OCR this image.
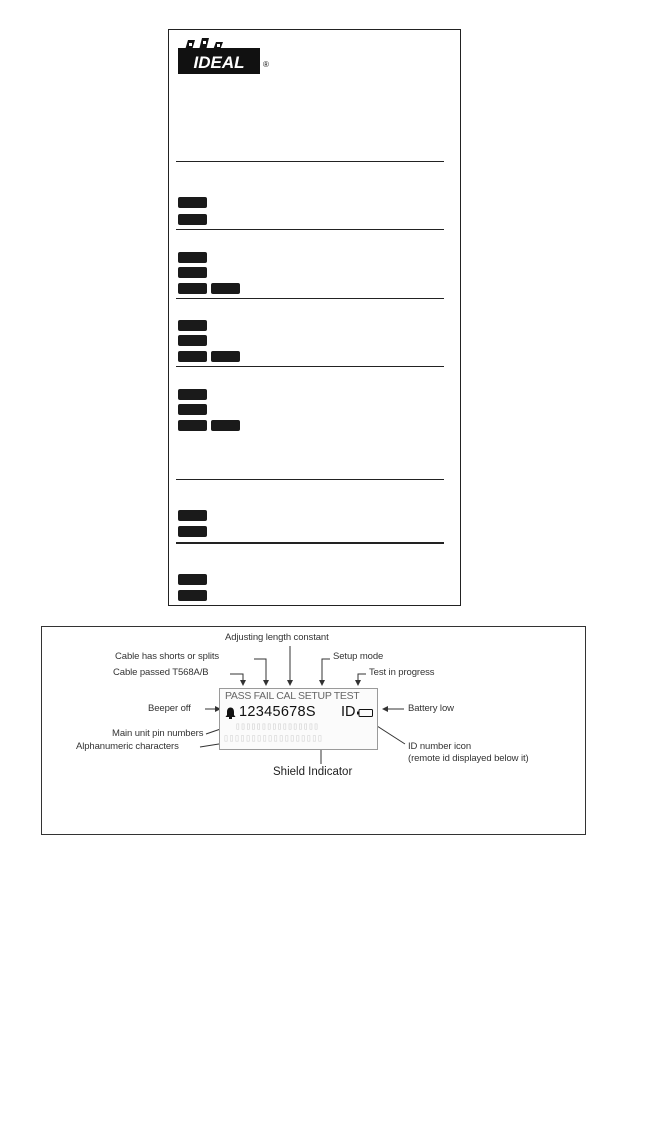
IDEAL ®
Adjusting length constant
Cable has shorts or splits	Setup mode
Cable passed T568A/B	Test in progress
Beeper off	Battery low
Main unit pin numbers
Alphanumeric characters	ID number icon
(remote id displayed below it)
PASS FAIL CAL SETUP TEST
12345678S ID
▯▯▯▯▯▯▯▯▯▯▯▯▯▯▯▯
▯▯▯▯▯▯▯▯▯▯▯▯▯▯▯▯▯▯
Shield Indicator
